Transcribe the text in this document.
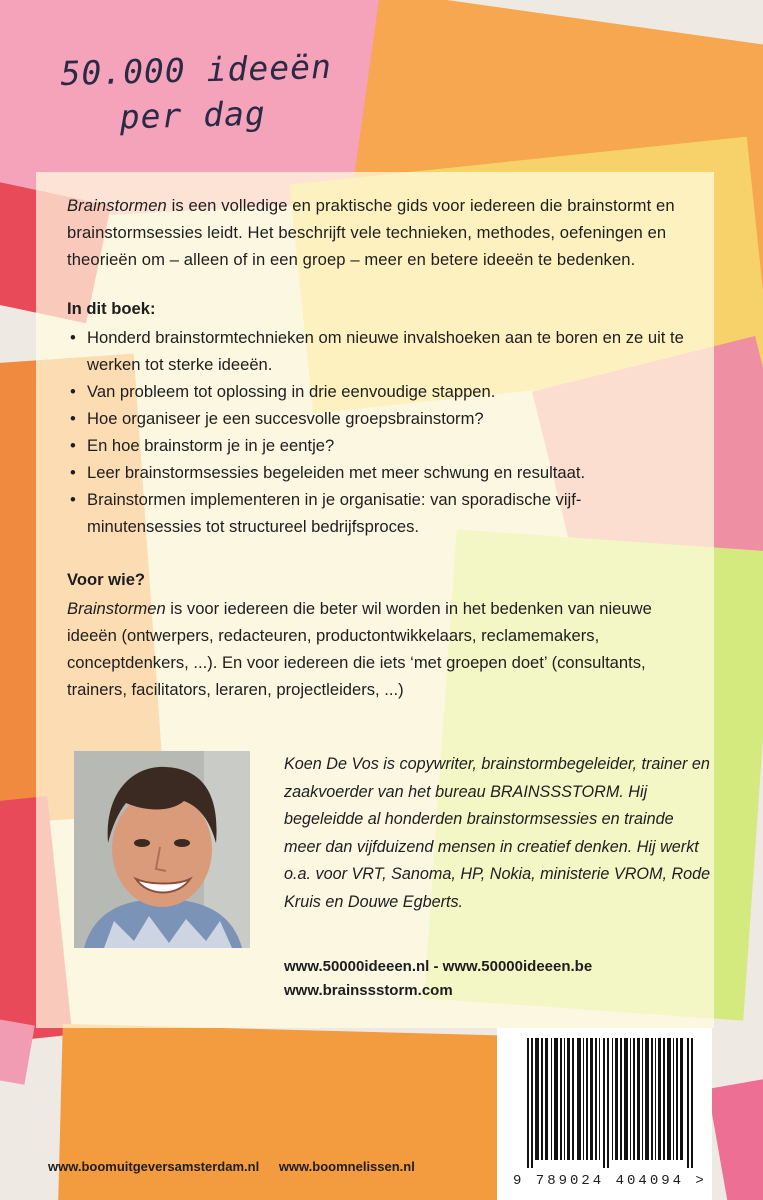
50.000 ideeën
per dag

Brainstormen is een volledige en praktische gids voor iedereen die brainstormt en brainstormsessies leidt. Het beschrijft vele technieken, methodes, oefeningen en theorieën om – alleen of in een groep – meer en betere ideeën te bedenken.

In dit boek:
• Honderd brainstormtechnieken om nieuwe invalshoeken aan te boren en ze uit te werken tot sterke ideeën.
• Van probleem tot oplossing in drie eenvoudige stappen.
• Hoe organiseer je een succesvolle groepsbrainstorm?
• En hoe brainstorm je in je eentje?
• Leer brainstormsessies begeleiden met meer schwung en resultaat.
• Brainstormen implementeren in je organisatie: van sporadische vijf-minutensessies tot structureel bedrijfsproces.
Voor wie?

Brainstormen is voor iedereen die beter wil worden in het bedenken van nieuwe ideeën (ontwerpers, redacteuren, productontwikkelaars, reclamemakers, conceptdenkers, ...). En voor iedereen die iets ‘met groepen doet’ (consultants, trainers, facilitators, leraren, projectleiders, ...)

Koen De Vos is copywriter, brainstormbegeleider, trainer en zaakvoerder van het bureau BRAINSSSTORM. Hij begeleidde al honderden brainstormsessies en trainde meer dan vijfduizend mensen in creatief denken. Hij werkt o.a. voor VRT, Sanoma, HP, Nokia, ministerie VROM, Rode Kruis en Douwe Egberts.

www.50000ideeen.nl - www.50000ideeen.be
www.brainssstorm.com
9 789024 404094 >
www.boomuitgeversamsterdam.nl www.boomnelissen.nl
